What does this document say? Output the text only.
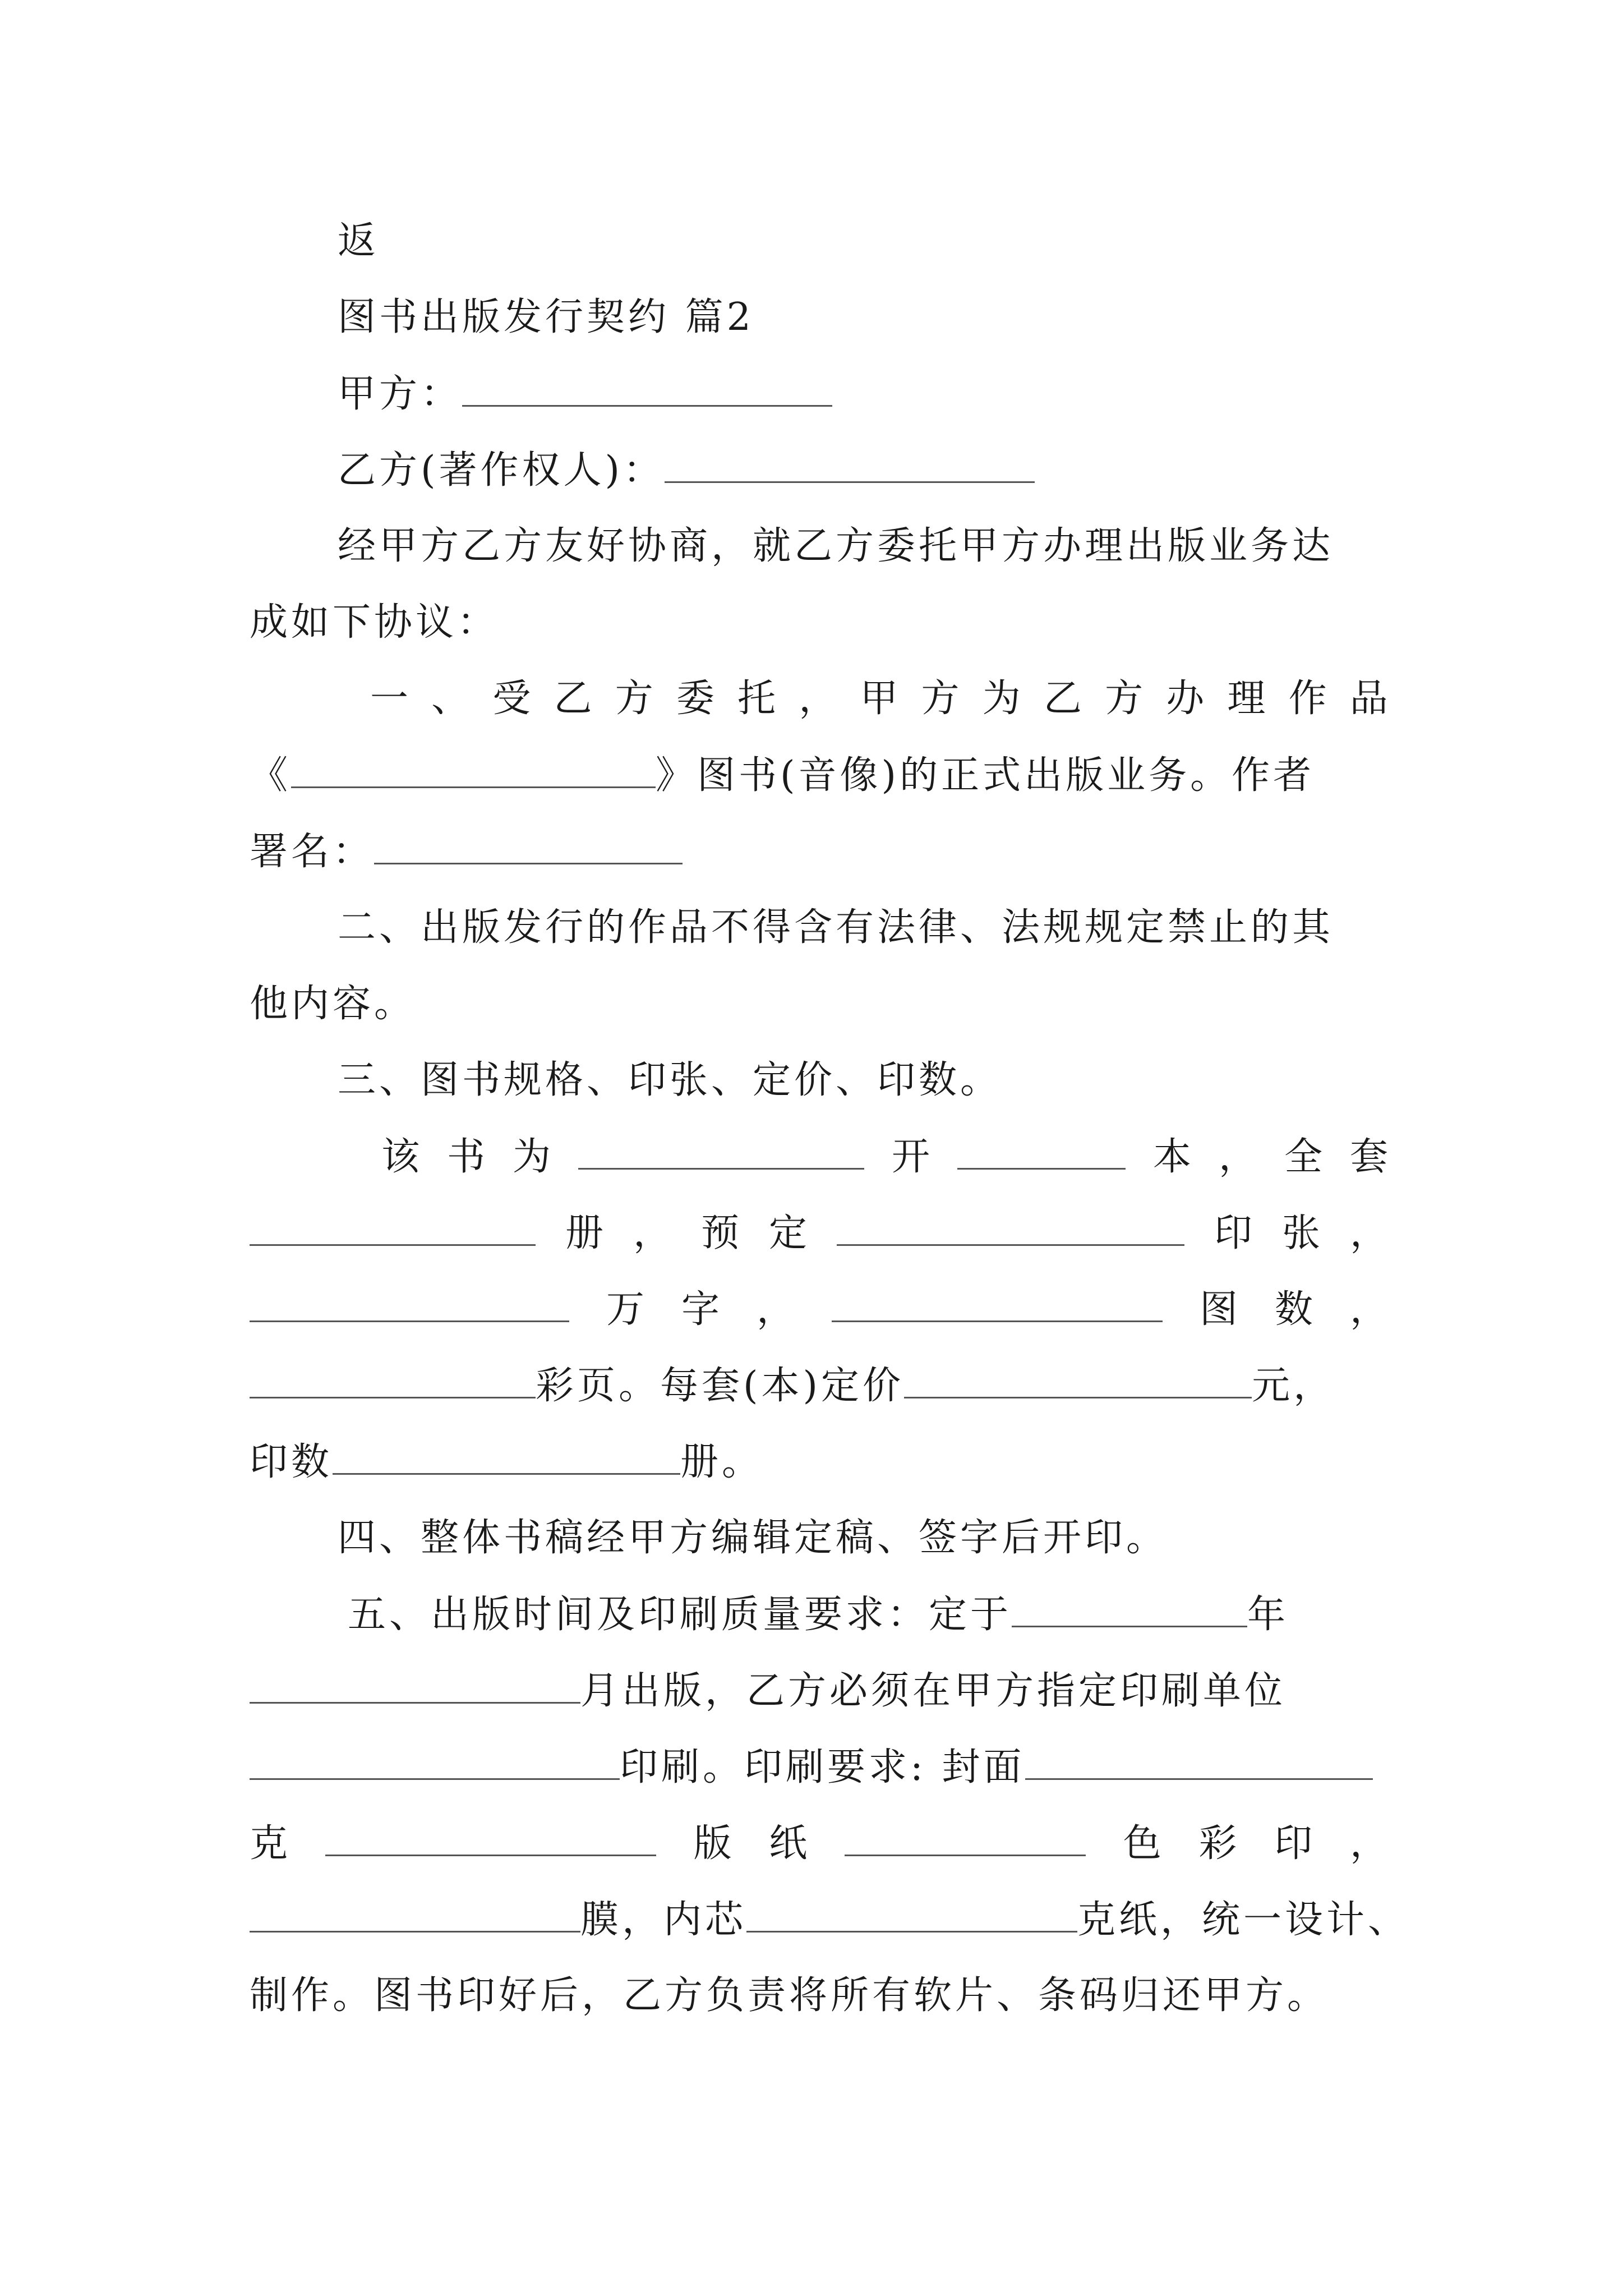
返
图书出版发行契约 篇2
甲方：
乙方(著作权人)：
经甲方乙方友好协商，就乙方委托甲方办理出版业务达
成如下协议：
一 、 受 乙 方 委 托 ， 甲 方 为 乙 方 办 理 作 品
《	》图书(音像)的正式出版业务。作者
署名：
二、出版发行的作品不得含有法律、法规规定禁止的其
他内容。
三、图书规格、印张、定价、印数。
该 书 为	开	本 ， 全 套
册 ， 预 定	印 张 ，
万 字 ，	图 数 ，
彩页。每套(本)定价	元，
印数	册。
四、整体书稿经甲方编辑定稿、签字后开印。
五、出版时间及印刷质量要求：定于	年
月出版，乙方必须在甲方指定印刷单位
印刷。印刷要求: 封面
克	版 纸	色 彩 印 ，
膜，内芯	克纸，统一设计、
制作。图书印好后，乙方负责将所有软片、条码归还甲方。
